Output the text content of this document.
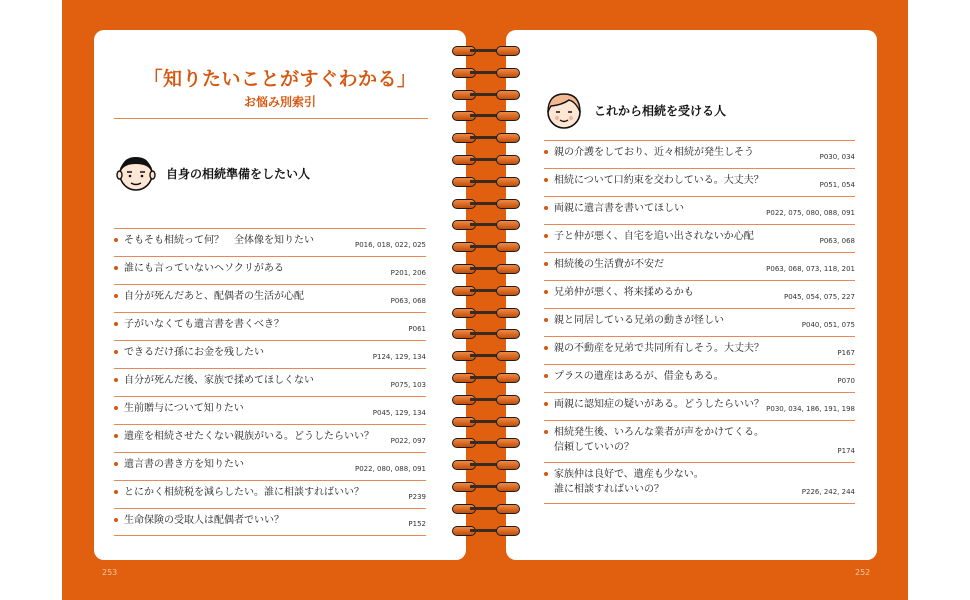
「知りたいことがすぐわかる」
お悩み別索引
自身の相続準備をしたい人
そもそも相続って何？　全体像を知りたい	P016, 018, 022, 025
誰にも言っていないヘソクリがある	P201, 206
自分が死んだあと、配偶者の生活が心配	P063, 068
子がいなくても遺言書を書くべき？	P061
できるだけ孫にお金を残したい	P124, 129, 134
自分が死んだ後、家族で揉めてほしくない	P075, 103
生前贈与について知りたい	P045, 129, 134
遺産を相続させたくない親族がいる。どうしたらいい？	P022, 097
遺言書の書き方を知りたい	P022, 080, 088, 091
とにかく相続税を減らしたい。誰に相談すればいい？	P239
生命保険の受取人は配偶者でいい？	P152
これから相続を受ける人
親の介護をしており、近々相続が発生しそう	P030, 034
相続について口約束を交わしている。大丈夫？	P051, 054
両親に遺言書を書いてほしい	P022, 075, 080, 088, 091
子と仲が悪く、自宅を追い出されないか心配	P063, 068
相続後の生活費が不安だ	P063, 068, 073, 118, 201
兄弟仲が悪く、将来揉めるかも	P045, 054, 075, 227
親と同居している兄弟の動きが怪しい	P040, 051, 075
親の不動産を兄弟で共同所有しそう。大丈夫？	P167
プラスの遺産はあるが、借金もある。	P070
両親に認知症の疑いがある。どうしたらいい？ P030, 034, 186, 191, 198
相続発生後、いろんな業者が声をかけてくる。
信頼していいの？	P174
家族仲は良好で、遺産も少ない。
誰に相談すればいいの？	P226, 242, 244
253	252
